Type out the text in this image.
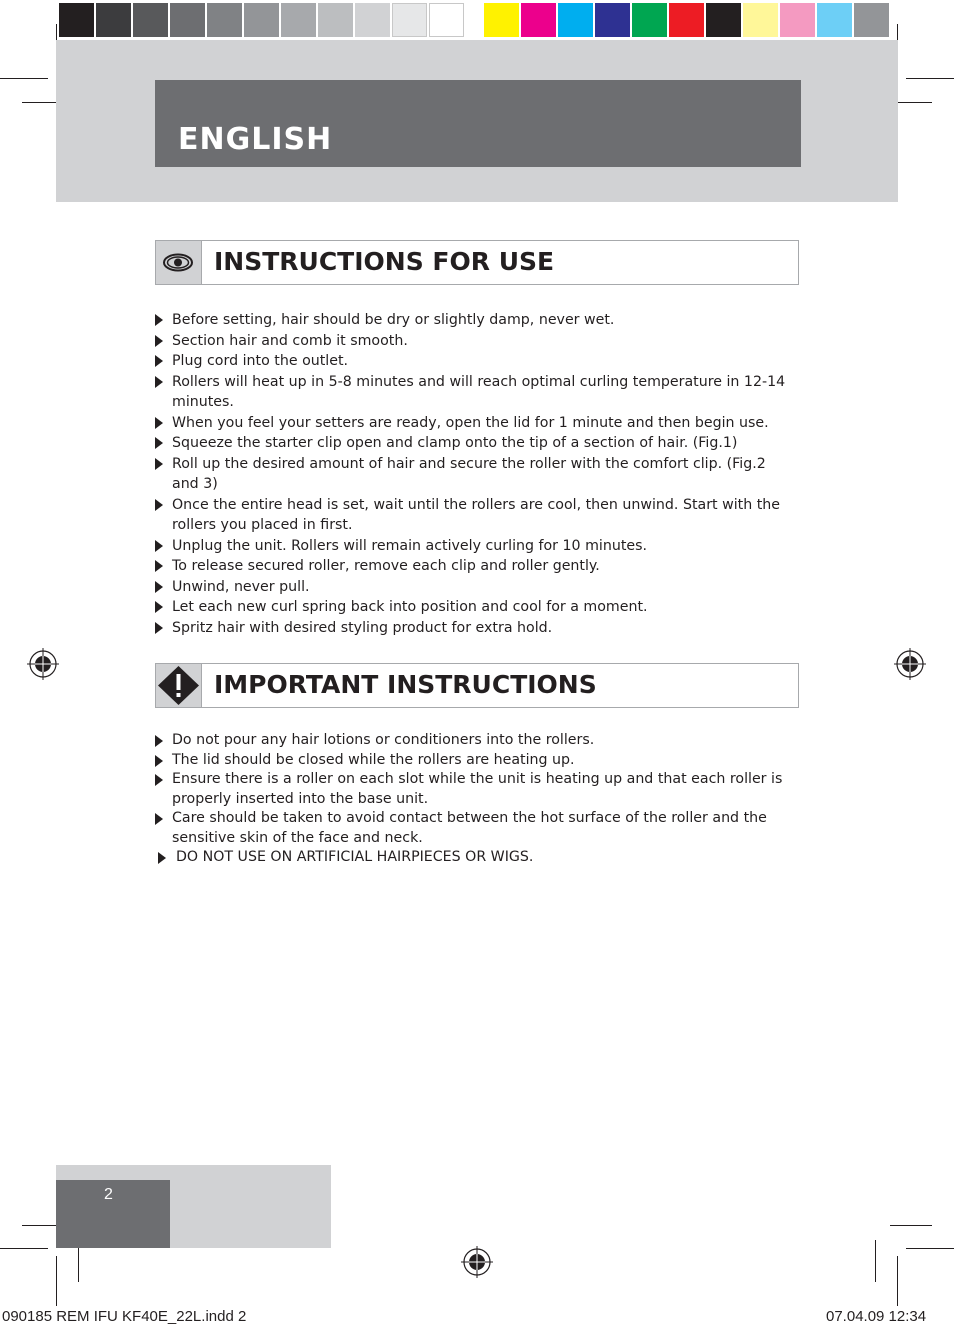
ENGLISH
INSTRUCTIONS FOR USE
Before setting, hair should be dry or slightly damp, never wet.
Section hair and comb it smooth.
Plug cord into the outlet.
Rollers will heat up in 5-8 minutes and will reach optimal curling temperature in 12-14 minutes.
When you feel your setters are ready, open the lid for 1 minute and then begin use.
Squeeze the starter clip open and clamp onto the tip of a section of hair. (Fig.1)
Roll up the desired amount of hair and secure the roller with the comfort clip. (Fig.2 and 3)
Once the entire head is set, wait until the rollers are cool, then unwind. Start with the rollers you placed in first.
Unplug the unit. Rollers will remain actively curling for 10 minutes.
To release secured roller, remove each clip and roller gently.
Unwind, never pull.
Let each new curl spring back into position and cool for a moment.
Spritz hair with desired styling product for extra hold.
IMPORTANT INSTRUCTIONS
Do not pour any hair lotions or conditioners into the rollers.
The lid should be closed while the rollers are heating up.
Ensure there is a roller on each slot while the unit is heating up and that each roller is properly inserted into the base unit.
Care should be taken to avoid contact between the hot surface of the roller and the sensitive skin of the face and neck.
DO NOT USE ON ARTIFICIAL HAIRPIECES OR WIGS.
2
090185 REM IFU KF40E_22L.indd 2	07.04.09 12:34
